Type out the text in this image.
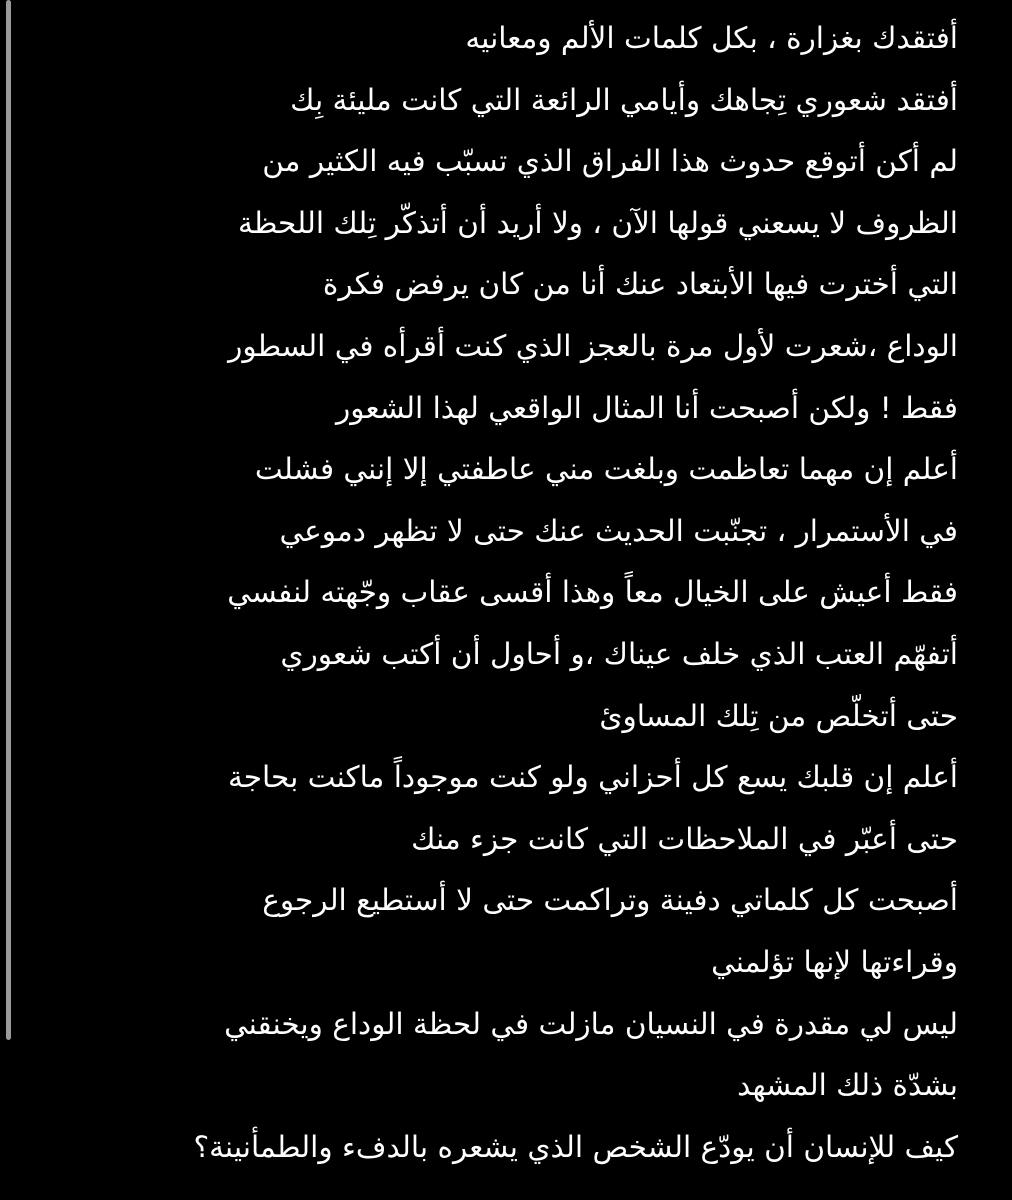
أفتقدك بغزارة ، بكل كلمات الألم ومعانيه
أفتقد شعوري تِجاهك وأيامي الرائعة التي كانت مليئة بِك
لم أكن أتوقع حدوث هذا الفراق الذي تسبّب فيه الكثير من
الظروف لا يسعني قولها الآن ، ولا أريد أن أتذكّر تِلك اللحظة
التي أخترت فيها الأبتعاد عنك أنا من كان يرفض فكرة
الوداع ،شعرت لأول مرة بالعجز الذي كنت أقرأه في السطور
فقط ! ولكن أصبحت أنا المثال الواقعي لهذا الشعور
أعلم إن مهما تعاظمت وبلغت مني عاطفتي إلا إنني فشلت
في الأستمرار ، تجنّبت الحديث عنك حتى لا تظهر دموعي
فقط أعيش على الخيال معاً وهذا أقسى عقاب وجّهته لنفسي
أتفهّم العتب الذي خلف عيناك ،و أحاول أن أكتب شعوري
حتى أتخلّص من تِلك المساوئ
أعلم إن قلبك يسع كل أحزاني ولو كنت موجوداً ماكنت بحاجة
حتى أعبّر في الملاحظات التي كانت جزء منك
أصبحت كل كلماتي دفينة وتراكمت حتى لا أستطيع الرجوع
وقراءتها لإنها تؤلمني
ليس لي مقدرة في النسيان مازلت في لحظة الوداع ويخنقني
بشدّة ذلك المشهد
كيف للإنسان أن يودّع الشخص الذي يشعره بالدفء والطمأنينة؟
